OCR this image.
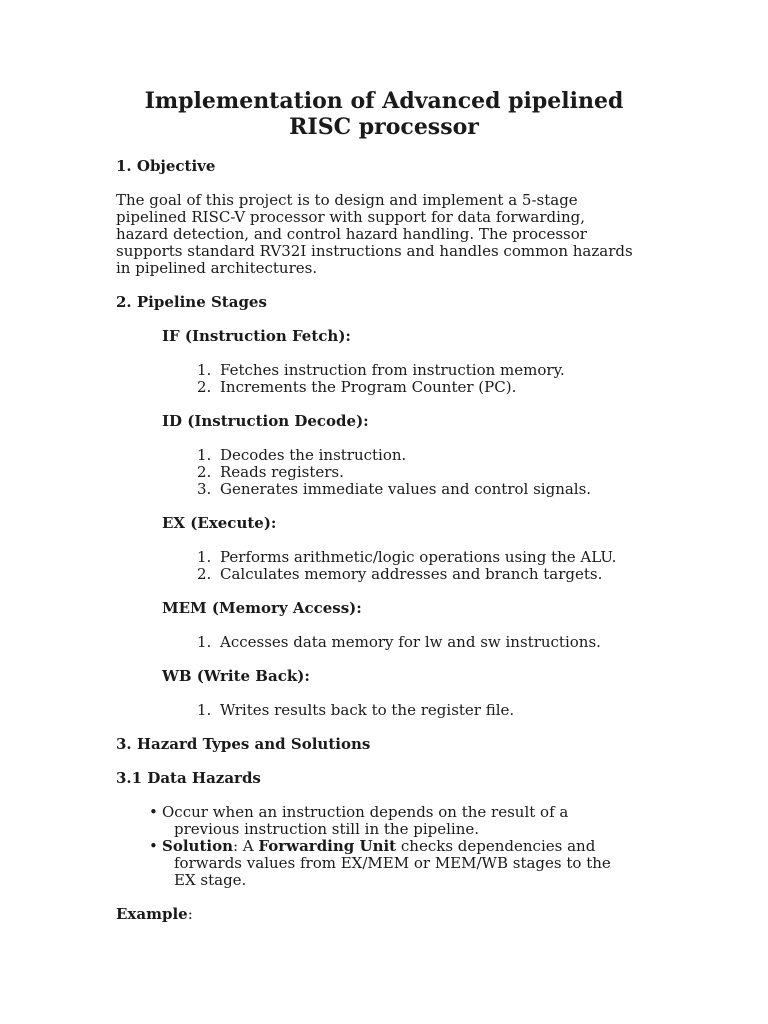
Implementation of Advanced pipelined
RISC processor
1. Objective

The goal of this project is to design and implement a 5-stage
pipelined RISC-V processor with support for data forwarding,
hazard detection, and control hazard handling. The processor
supports standard RV32I instructions and handles common hazards
in pipelined architectures.

2. Pipeline Stages
IF (Instruction Fetch):
1. Fetches instruction from instruction memory.
2. Increments the Program Counter (PC).
ID (Instruction Decode):
1. Decodes the instruction.
2. Reads registers.
3. Generates immediate values and control signals.
EX (Execute):
1. Performs arithmetic/logic operations using the ALU.
2. Calculates memory addresses and branch targets.
MEM (Memory Access):
1. Accesses data memory for lw and sw instructions.
WB (Write Back):
1. Writes results back to the register file.
3. Hazard Types and Solutions
3.1 Data Hazards
• Occur when an instruction depends on the result of a
previous instruction still in the pipeline.
• Solution: A Forwarding Unit checks dependencies and
forwards values from EX/MEM or MEM/WB stages to the
EX stage.

Example:
